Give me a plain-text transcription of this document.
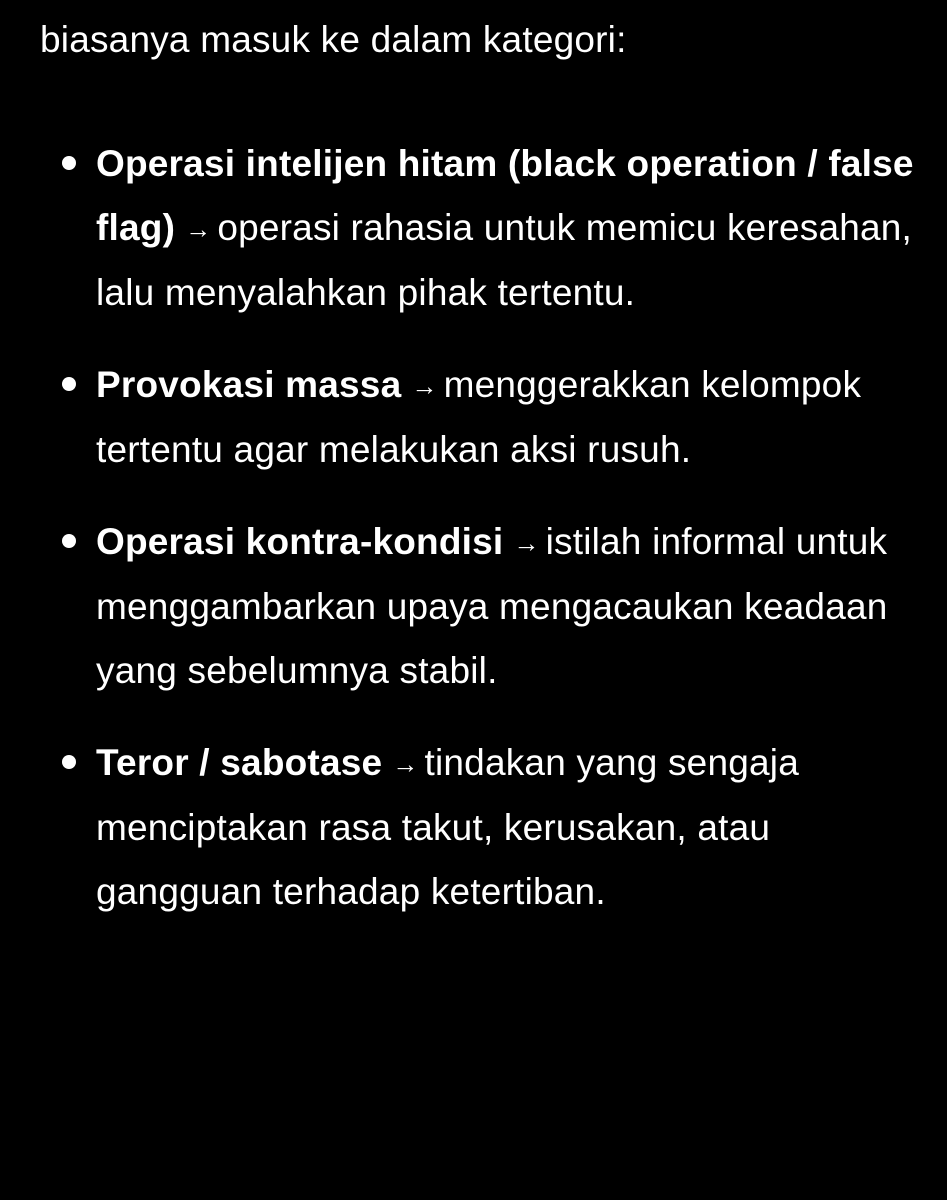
biasanya masuk ke dalam kategori:

Operasi intelijen hitam (black operation / false flag) → operasi rahasia untuk memicu keresahan, lalu menyalahkan pihak tertentu.
Provokasi massa → menggerakkan kelompok tertentu agar melakukan aksi rusuh.
Operasi kontra-kondisi → istilah informal untuk menggambarkan upaya mengacaukan keadaan yang sebelumnya stabil.
Teror / sabotase → tindakan yang sengaja menciptakan rasa takut, kerusakan, atau gangguan terhadap ketertiban.
